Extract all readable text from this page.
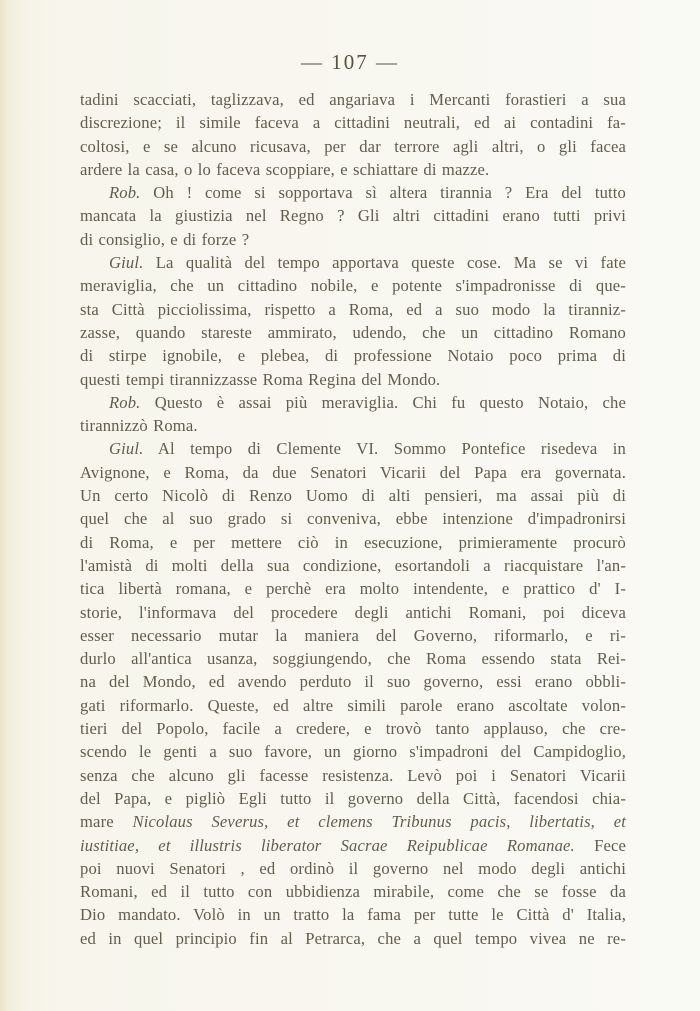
— 107 —
tadini scacciati, taglizzava, ed angariava i Mercanti forastieri a sua
discrezione; il simile faceva a cittadini neutrali, ed ai contadini fa-
coltosi, e se alcuno ricusava, per dar terrore agli altri, o gli facea
ardere la casa, o lo faceva scoppiare, e schiattare di mazze.
Rob. Oh ! come si sopportava sì altera tirannia ? Era del tutto
mancata la giustizia nel Regno ? Gli altri cittadini erano tutti privi
di consiglio, e di forze ?
Giul. La qualità del tempo apportava queste cose. Ma se vi fate
meraviglia, che un cittadino nobile, e potente s'impadronisse di que-
sta Città picciolissima, rispetto a Roma, ed a suo modo la tiranniz-
zasse, quando stareste ammirato, udendo, che un cittadino Romano
di stirpe ignobile, e plebea, di professione Notaio poco prima di
questi tempi tirannizzasse Roma Regina del Mondo.
Rob. Questo è assai più meraviglia. Chi fu questo Notaio, che
tirannizzò Roma.
Giul. Al tempo di Clemente VI. Sommo Pontefice risedeva in
Avignone, e Roma, da due Senatori Vicarii del Papa era governata.
Un certo Nicolò di Renzo Uomo di alti pensieri, ma assai più di
quel che al suo grado si conveniva, ebbe intenzione d'impadronirsi
di Roma, e per mettere ciò in esecuzione, primieramente procurò
l'amistà di molti della sua condizione, esortandoli a riacquistare l'an-
tica libertà romana, e perchè era molto intendente, e prattico d' I-
storie, l'informava del procedere degli antichi Romani, poi diceva
esser necessario mutar la maniera del Governo, riformarlo, e ri-
durlo all'antica usanza, soggiungendo, che Roma essendo stata Rei-
na del Mondo, ed avendo perduto il suo governo, essi erano obbli-
gati riformarlo. Queste, ed altre simili parole erano ascoltate volon-
tieri del Popolo, facile a credere, e trovò tanto applauso, che cre-
scendo le genti a suo favore, un giorno s'impadroni del Campidoglio,
senza che alcuno gli facesse resistenza. Levò poi i Senatori Vicarii
del Papa, e pigliò Egli tutto il governo della Città, facendosi chia-
mare Nicolaus Severus, et clemens Tribunus pacis, libertatis, et
iustitiae, et illustris liberator Sacrae Reipublicae Romanae. Fece
poi nuovi Senatori , ed ordinò il governo nel modo degli antichi
Romani, ed il tutto con ubbidienza mirabile, come che se fosse da
Dio mandato. Volò in un tratto la fama per tutte le Città d' Italia,
ed in quel principio fin al Petrarca, che a quel tempo vivea ne re-
